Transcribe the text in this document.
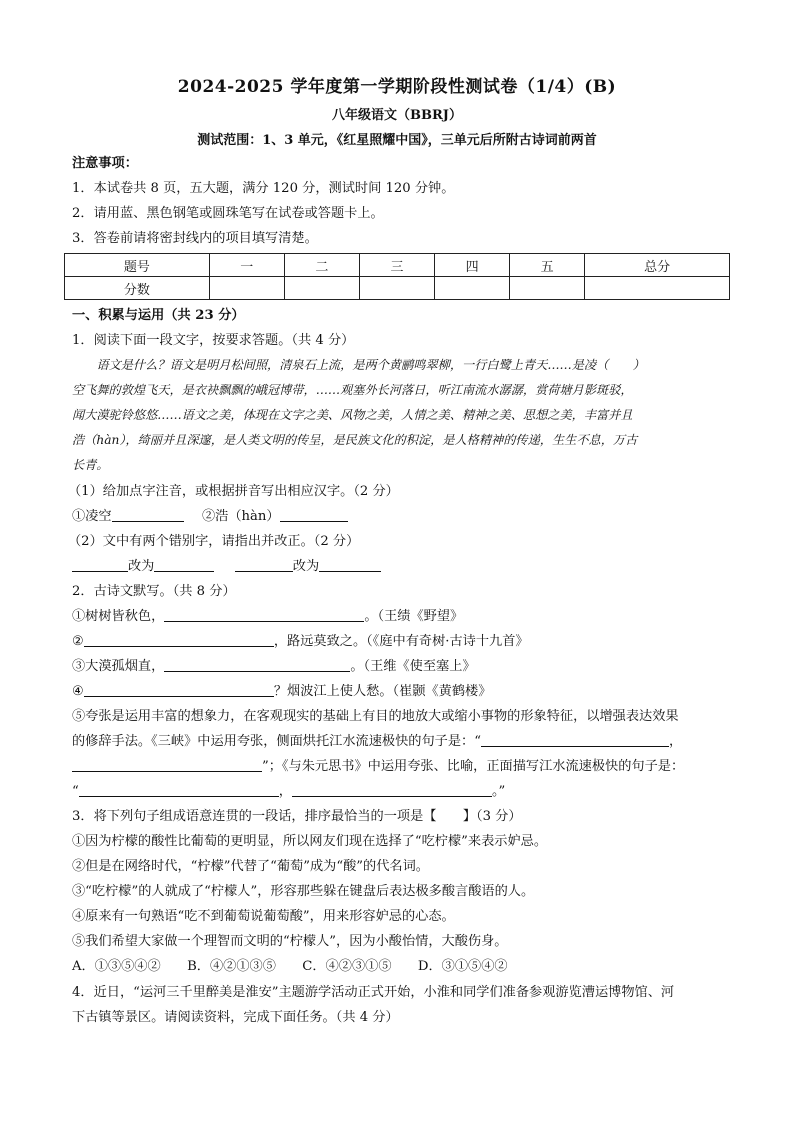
2024-2025 学年度第一学期阶段性测试卷（1/4）(B)
八年级语文（BBRJ）
测试范围：1、3 单元，《红星照耀中国》，三单元后所附古诗词前两首
注意事项：
1．本试卷共 8 页，五大题，满分 120 分，测试时间 120 分钟。
2．请用蓝、黑色钢笔或圆珠笔写在试卷或答题卡上。
3．答卷前请将密封线内的项目填写清楚。
题号	一	二	三	四	五	总分
分数						
一、积累与运用（共 23 分）
1．阅读下面一段文字，按要求答题。（共 4 分）

语文是什么？语文是明月松间照，清泉石上流，是两个黄鹂鸣翠柳，一行白鹭上青天……是凌（　　）

空飞舞的敦煌飞天，是衣袂飘飘的峨冠博带，……观塞外长河落日，听江南流水潺潺，赏荷塘月影斑驳，

闻大漠驼铃悠悠……语文之美，体现在文字之美、风物之美，人情之美、精神之美、思想之美，丰富并且

浩（hàn），绮丽并且深邃，是人类文明的传呈，是民族文化的积淀，是人格精神的传递，生生不息，万古

长青。

（1）给加点字注音，或根据拼音写出相应汉字。（2 分）
①凌空	②浩（hàn）
（2）文中有两个错别字，请指出并改正。（2 分）
改为	改为
2．古诗文默写。（共 8 分）
①树树皆秋色，	。（王绩《野望》
②	，路远莫致之。（《庭中有奇树·古诗十九首》
③大漠孤烟直，	。（王维《使至塞上》
④	？烟波江上使人愁。（崔颢《黄鹤楼》
⑤夸张是运用丰富的想象力，在客观现实的基础上有目的地放大或缩小事物的形象特征，以增强表达效果
的修辞手法。《三峡》中运用夸张，侧面烘托江水流速极快的句子是：“	，
”；《与朱元思书》中运用夸张、比喻，正面描写江水流速极快的句子是：
“	，	。”
3．将下列句子组成语意连贯的一段话，排序最恰当的一项是【　　】（3 分）
①因为柠檬的酸性比葡萄的更明显，所以网友们现在选择了“吃柠檬”来表示妒忌。
②但是在网络时代，“柠檬”代替了“葡萄”成为“酸”的代名词。
③“吃柠檬”的人就成了“柠檬人”，形容那些躲在键盘后表达极多酸言酸语的人。
④原来有一句熟语“吃不到葡萄说葡萄酸”，用来形容妒忌的心态。
⑤我们希望大家做一个理智而文明的“柠檬人”，因为小酸怡情，大酸伤身。
A．①③⑤④② B．④②①③⑤ C．④②③①⑤ D．③①⑤④②
4．近日，“运河三千里醉美是淮安”主题游学活动正式开始，小淮和同学们准备参观游览漕运博物馆、河
下古镇等景区。请阅读资料，完成下面任务。（共 4 分）
